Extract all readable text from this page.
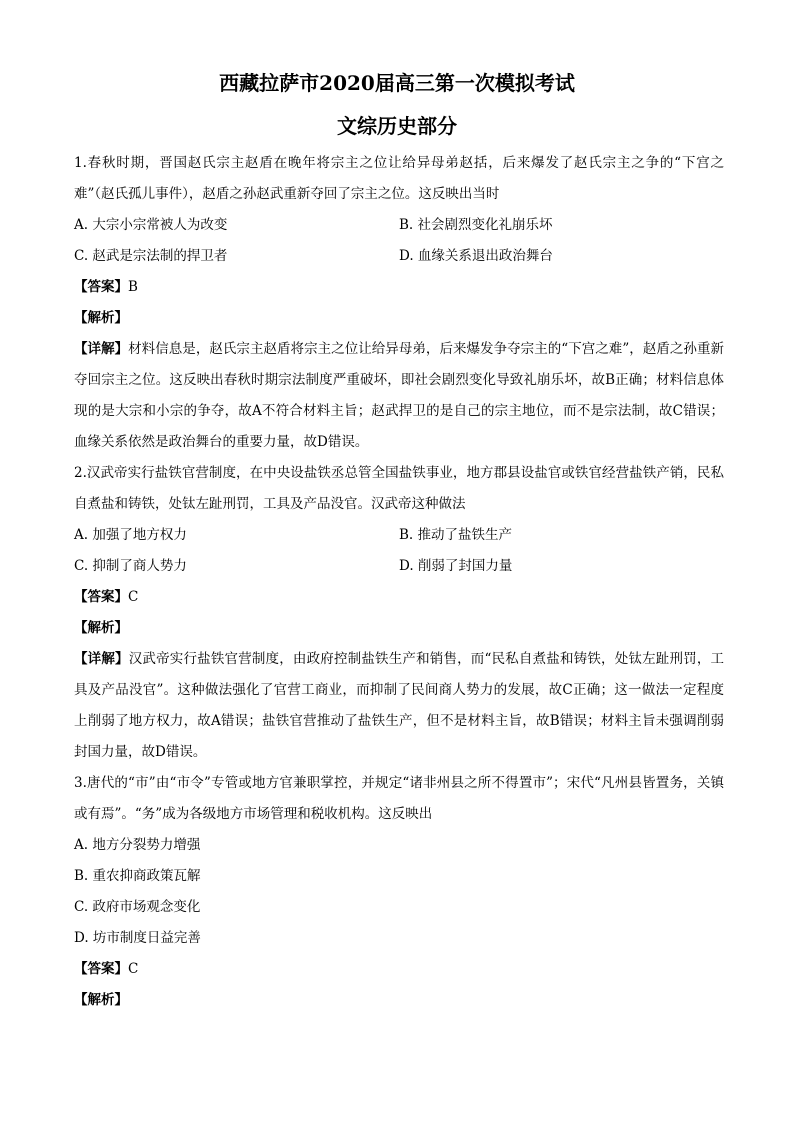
西藏拉萨市2020届高三第一次模拟考试
文综历史部分

1.春秋时期，晋国赵氏宗主赵盾在晚年将宗主之位让给异母弟赵括，后来爆发了赵氏宗主之争的“下宫之难”（赵氏孤儿事件），赵盾之孙赵武重新夺回了宗主之位。这反映出当时

A. 大宗小宗常被人为改变	B. 社会剧烈变化礼崩乐坏
C. 赵武是宗法制的捍卫者	D. 血缘关系退出政治舞台
【答案】B
【解析】

【详解】材料信息是，赵氏宗主赵盾将宗主之位让给异母弟，后来爆发争夺宗主的“下宫之难”，赵盾之孙重新夺回宗主之位。这反映出春秋时期宗法制度严重破坏，即社会剧烈变化导致礼崩乐坏，故B正确；材料信息体现的是大宗和小宗的争夺，故A不符合材料主旨；赵武捍卫的是自己的宗主地位，而不是宗法制，故C错误；血缘关系依然是政治舞台的重要力量，故D错误。

2.汉武帝实行盐铁官营制度，在中央设盐铁丞总管全国盐铁事业，地方郡县设盐官或铁官经营盐铁产销，民私自煮盐和铸铁，处钛左趾刑罚，工具及产品没官。汉武帝这种做法

A. 加强了地方权力	B. 推动了盐铁生产
C. 抑制了商人势力	D. 削弱了封国力量
【答案】C
【解析】

【详解】汉武帝实行盐铁官营制度，由政府控制盐铁生产和销售，而“民私自煮盐和铸铁，处钛左趾刑罚，工具及产品没官”。这种做法强化了官营工商业，而抑制了民间商人势力的发展，故C正确；这一做法一定程度上削弱了地方权力，故A错误；盐铁官营推动了盐铁生产，但不是材料主旨，故B错误；材料主旨未强调削弱封国力量，故D错误。

3.唐代的“市”由“市令”专管或地方官兼职掌控，并规定“诸非州县之所不得置市”；宋代“凡州县皆置务，关镇或有焉”。“务”成为各级地方市场管理和税收机构。这反映出

A. 地方分裂势力增强
B. 重农抑商政策瓦解
C. 政府市场观念变化
D. 坊市制度日益完善
【答案】C
【解析】
